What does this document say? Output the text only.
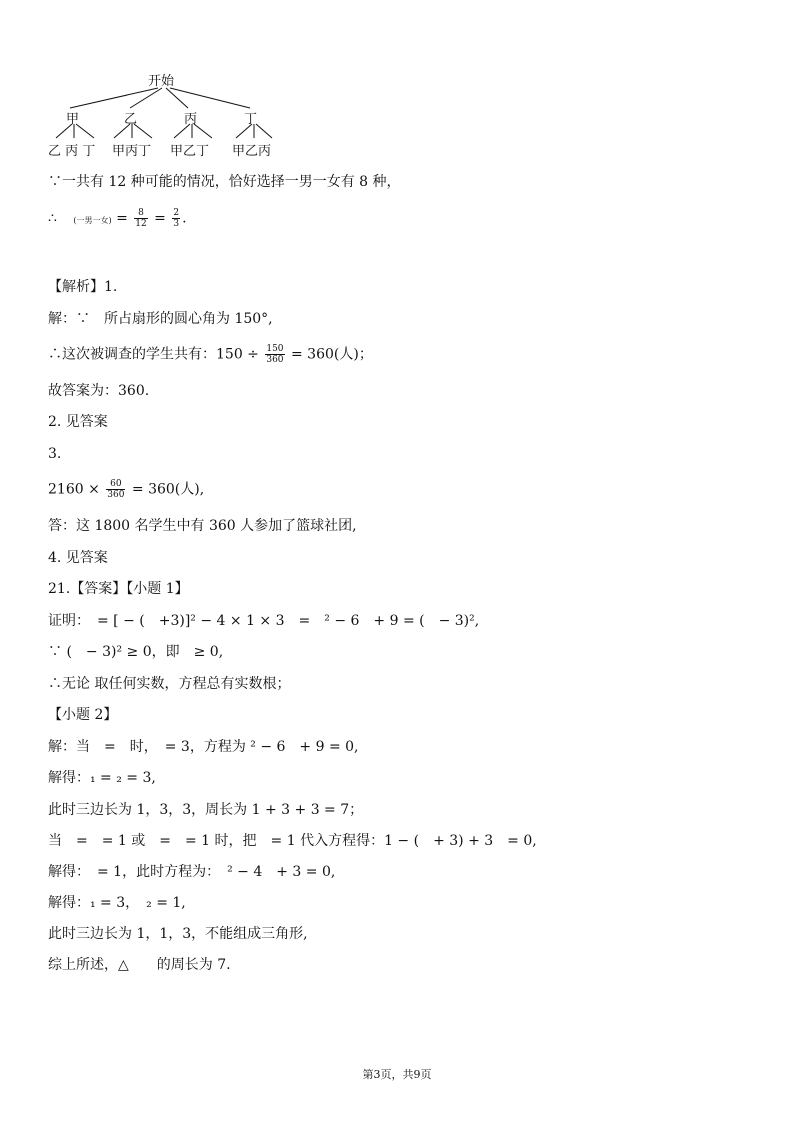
开始
甲	乙	丙	丁
乙 丙 丁 甲丙丁 甲乙丁 甲乙丙
∵一共有 12 种可能的情况，恰好选择一男一女有 8 种，
∴ (一男一女) = $\frac{8}{12} = \frac{2}{3}$ .
【解析】1.
解：∵　所占扇形的圆心角为 150°,
∴这次被调查的学生共有：$150 \div \frac{150}{360} = 360$(人)；
故答案为：360.
2. 见答案
3.
$2160 \times \frac{60}{360} = 360$(人),
答：这 1800 名学生中有 360 人参加了篮球社团,
4. 见答案
21.【答案】【小题 1】
证明：　= [ − (　+3)]² − 4 × 1 × 3　=　² − 6　+ 9 = (　− 3)²,
∵ (　− 3)² ≥ 0，即　≥ 0,
∴无论 取任何实数，方程总有实数根；
【小题 2】
解：当　=　时，　= 3，方程为 ² − 6　+ 9 = 0,
解得：₁ = ₂ = 3,
此时三边长为 1，3，3，周长为 1 + 3 + 3 = 7；
当　=　= 1 或　=　= 1 时，把　= 1 代入方程得：1 − (　+ 3) + 3　= 0,
解得：　= 1，此时方程为：　² − 4　+ 3 = 0,
解得：₁ = 3，　₂ = 1,
此时三边长为 1，1，3，不能组成三角形,
综上所述，△　　的周长为 7.
第3页，共9页
